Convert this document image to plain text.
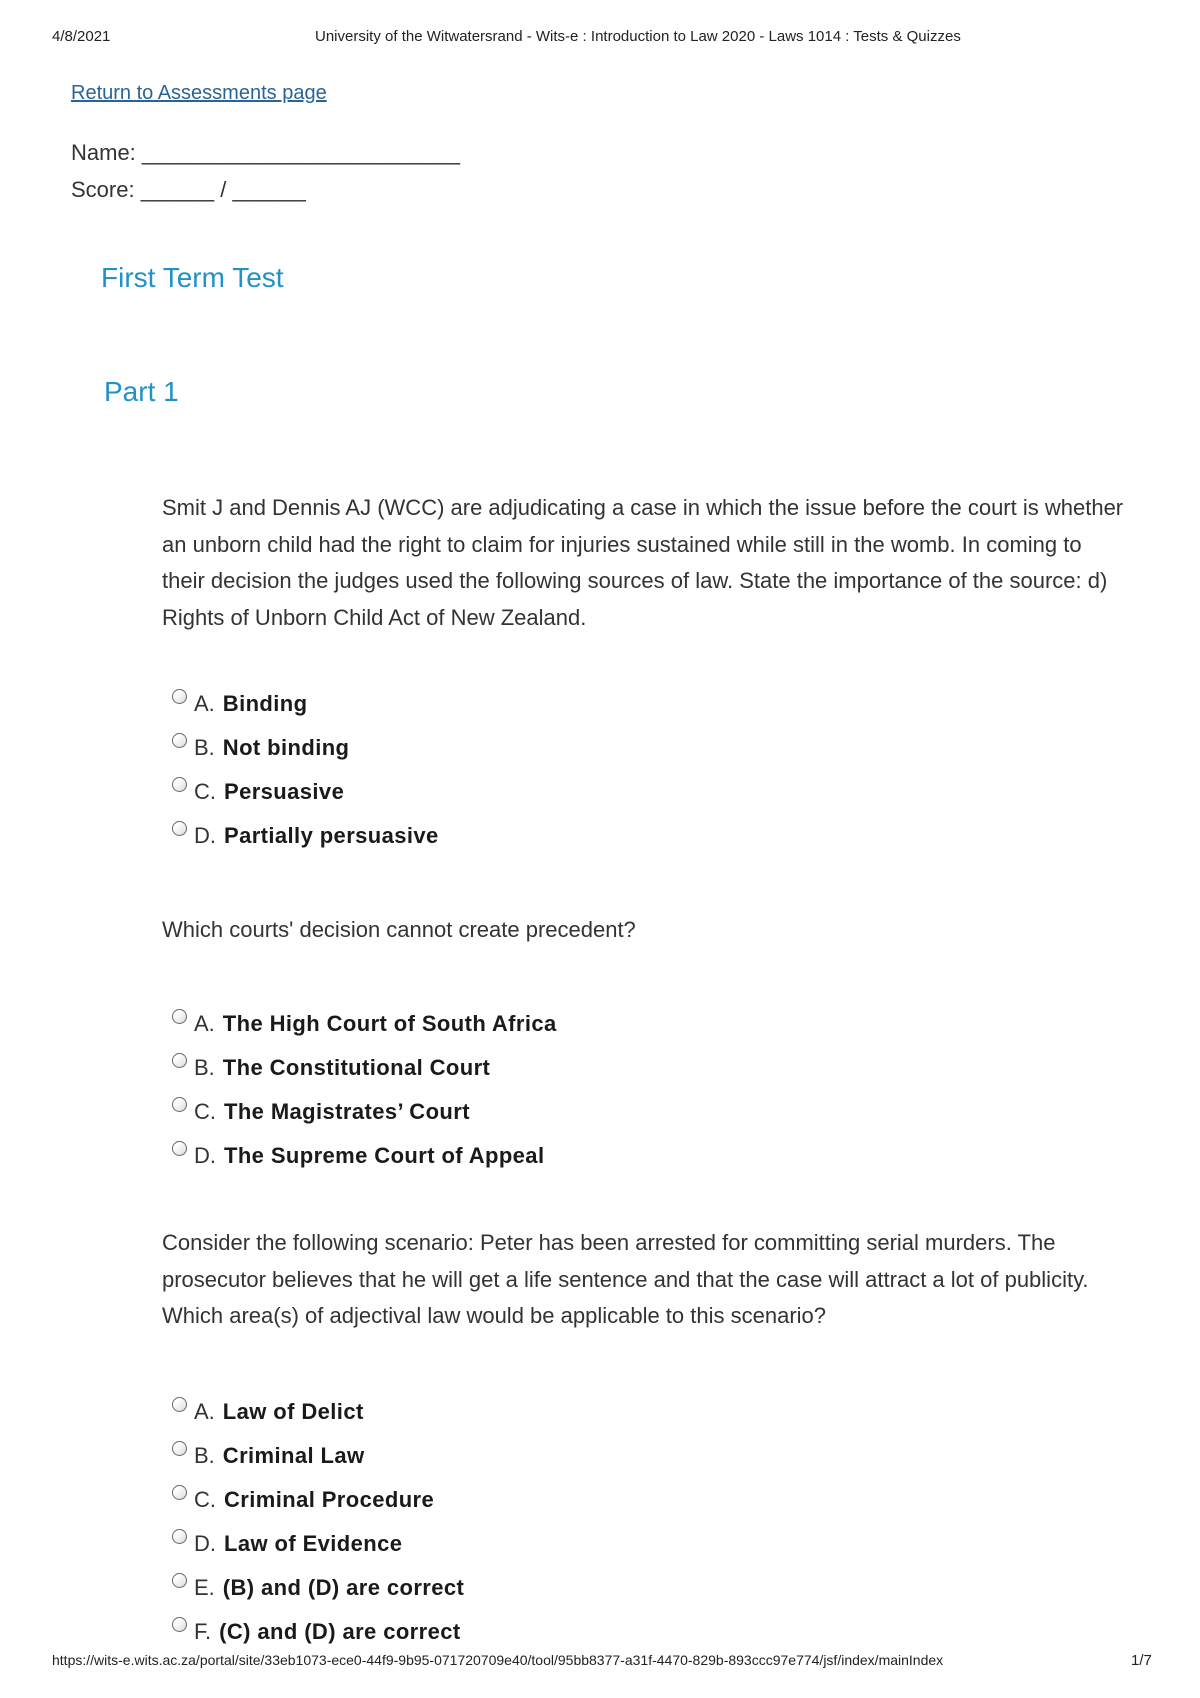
4/8/2021	University of the Witwatersrand - Wits-e : Introduction to Law 2020 - Laws 1014 : Tests & Quizzes
Return to Assessments page
Name: __________________________
Score: ______ / ______
First Term Test
Part 1

Smit J and Dennis AJ (WCC) are adjudicating a case in which the issue before the court is whether an unborn child had the right to claim for injuries sustained while still in the womb. In coming to their decision the judges used the following sources of law. State the importance of the source: d) Rights of Unborn Child Act of New Zealand.

A. Binding
B. Not binding
C. Persuasive
D. Partially persuasive

Which courts' decision cannot create precedent?

A. The High Court of South Africa
B. The Constitutional Court
C. The Magistrates’ Court
D. The Supreme Court of Appeal

Consider the following scenario: Peter has been arrested for committing serial murders. The prosecutor believes that he will get a life sentence and that the case will attract a lot of publicity. Which area(s) of adjectival law would be applicable to this scenario?

A. Law of Delict
B. Criminal Law
C. Criminal Procedure
D. Law of Evidence
E. (B) and (D) are correct
F. (C) and (D) are correct
https://wits-e.wits.ac.za/portal/site/33eb1073-ece0-44f9-9b95-071720709e40/tool/95bb8377-a31f-4470-829b-893ccc97e774/jsf/index/mainIndex	1/7
